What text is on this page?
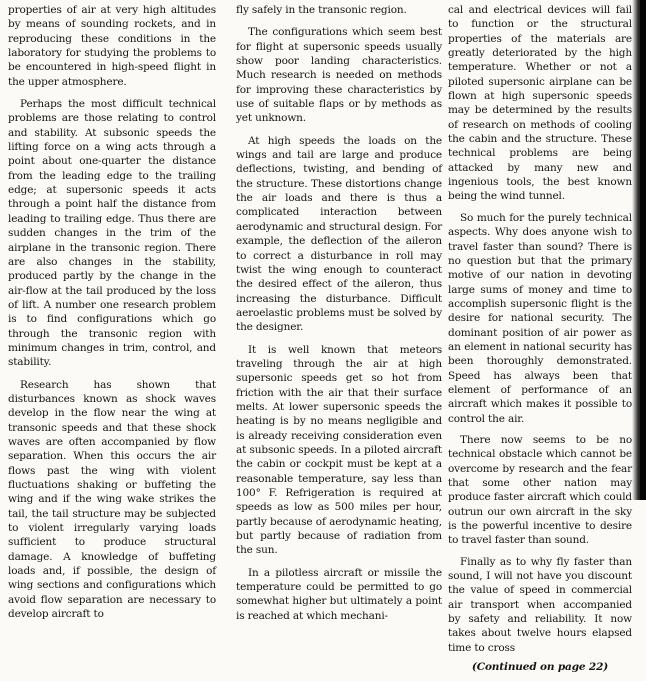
properties of air at very high altitudes by means of sounding rockets, and in reproducing these conditions in the laboratory for studying the problems to be encountered in high-speed flight in the upper atmosphere.

Perhaps the most difficult technical problems are those relating to control and stability. At subsonic speeds the lifting force on a wing acts through a point about one-quarter the distance from the leading edge to the trailing edge; at supersonic speeds it acts through a point half the distance from leading to trailing edge. Thus there are sudden changes in the trim of the airplane in the transonic region. There are also changes in the stability, produced partly by the change in the air-flow at the tail produced by the loss of lift. A number one research problem is to find configurations which go through the transonic region with minimum changes in trim, control, and stability.

Research has shown that disturbances known as shock waves develop in the flow near the wing at transonic speeds and that these shock waves are often accompanied by flow separation. When this occurs the air flows past the wing with violent fluctuations shaking or buffeting the wing and if the wing wake strikes the tail, the tail structure may be subjected to violent irregularly varying loads sufficient to produce structural damage. A knowledge of buffeting loads and, if possible, the design of wing sections and configurations which avoid flow separation are necessary to develop aircraft to

fly safely in the transonic region.

The configurations which seem best for flight at supersonic speeds usually show poor landing characteristics. Much research is needed on methods for improving these characteristics by use of suitable flaps or by methods as yet unknown.

At high speeds the loads on the wings and tail are large and produce deflections, twisting, and bending of the structure. These distortions change the air loads and there is thus a complicated interaction between aerodynamic and structural design. For example, the deflection of the aileron to correct a disturbance in roll may twist the wing enough to counteract the desired effect of the aileron, thus increasing the disturbance. Difficult aeroelastic problems must be solved by the designer.

It is well known that meteors traveling through the air at high supersonic speeds get so hot from friction with the air that their surface melts. At lower supersonic speeds the heating is by no means negligible and is already receiving consideration even at subsonic speeds. In a piloted aircraft the cabin or cockpit must be kept at a reasonable temperature, say less than 100° F. Refrigeration is required at speeds as low as 500 miles per hour, partly because of aerodynamic heating, but partly because of radiation from the sun.

In a pilotless aircraft or missile the temperature could be permitted to go somewhat higher but ultimately a point is reached at which mechani-

cal and electrical devices will fail to function or the structural properties of the materials are greatly deteriorated by the high temperature. Whether or not a piloted supersonic airplane can be flown at high supersonic speeds may be determined by the results of research on methods of cooling the cabin and the structure. These technical problems are being attacked by many new and ingenious tools, the best known being the wind tunnel.

So much for the purely technical aspects. Why does anyone wish to travel faster than sound? There is no question but that the primary motive of our nation in devoting large sums of money and time to accomplish supersonic flight is the desire for national security. The dominant position of air power as an element in national security has been thoroughly demonstrated. Speed has always been that element of performance of an aircraft which makes it possible to control the air.

There now seems to be no technical obstacle which cannot be overcome by research and the fear that some other nation may produce faster aircraft which could outrun our own aircraft in the sky is the powerful incentive to desire to travel faster than sound.

Finally as to why fly faster than sound, I will not have you discount the value of speed in commercial air transport when accompanied by safety and reliability. It now takes about twelve hours elapsed time to cross

(Continued on page 22)
